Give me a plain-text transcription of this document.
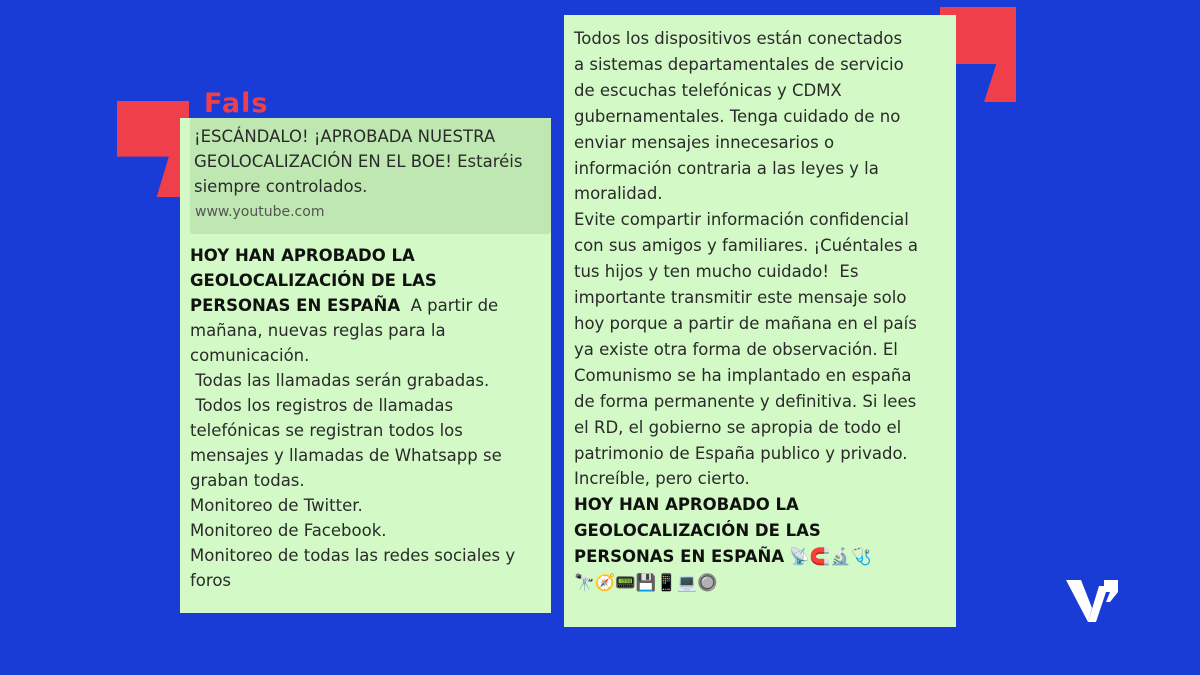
¡ESCÁNDALO! ¡APROBADA NUESTRA
GEOLOCALIZACIÓN EN EL BOE! Estaréis
siempre controlados.
www.youtube.com
Fals
HOY HAN APROBADO LA
GEOLOCALIZACIÓN DE LAS
PERSONAS EN ESPAÑA  A partir de
mañana, nuevas reglas para la
comunicación.
Todas las llamadas serán grabadas.
Todos los registros de llamadas
telefónicas se registran todos los
mensajes y llamadas de Whatsapp se
graban todas.
Monitoreo de Twitter.
Monitoreo de Facebook.
Monitoreo de todas las redes sociales y
foros
Todos los dispositivos están conectados
a sistemas departamentales de servicio
de escuchas telefónicas y CDMX
gubernamentales. Tenga cuidado de no
enviar mensajes innecesarios o
información contraria a las leyes y la
moralidad.
Evite compartir información confidencial
con sus amigos y familiares. ¡Cuéntales a
tus hijos y ten mucho cuidado!  Es
importante transmitir este mensaje solo
hoy porque a partir de mañana en el país
ya existe otra forma de observación. El
Comunismo se ha implantado en españa
de forma permanente y definitiva. Si lees
el RD, el gobierno se apropia de todo el
patrimonio de España publico y privado.
Increíble, pero cierto.
HOY HAN APROBADO LA
GEOLOCALIZACIÓN DE LAS
PERSONAS EN ESPAÑA 📡🧲🔬🩺
🔭🧭📟💾📱💻🔘
